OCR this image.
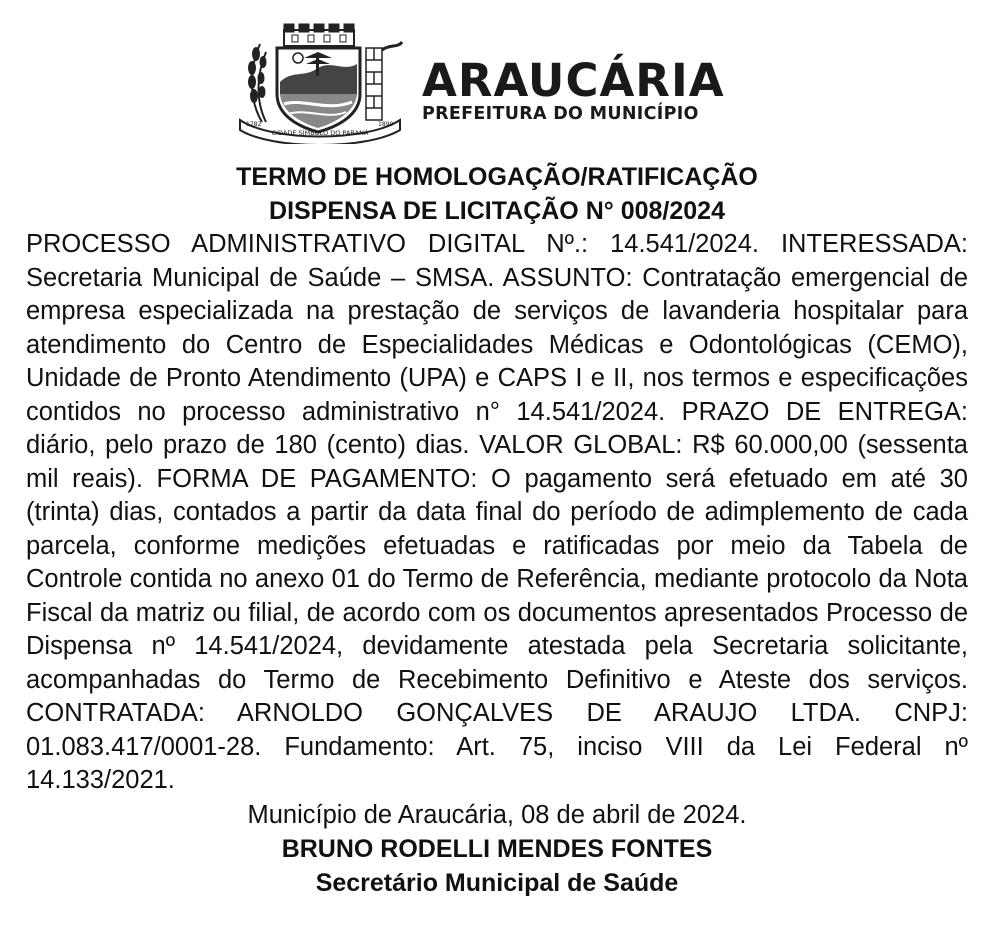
CIDADE SÍMBOLO DO PARANÁ
1782	1890
ARAUCÁRIA
PREFEITURA DO MUNICÍPIO

TERMO DE HOMOLOGAÇÃO/RATIFICAÇÃO

DISPENSA DE LICITAÇÃO N° 008/2024

PROCESSO ADMINISTRATIVO DIGITAL Nº.: 14.541/2024. INTERESSADA: Secretaria Municipal de Saúde – SMSA. ASSUNTO: Contratação emergencial de empresa especializada na prestação de serviços de lavanderia hospitalar para atendimento do Centro de Especialidades Médicas e Odontológicas (CEMO), Unidade de Pronto Atendimento (UPA) e CAPS I e II, nos termos e especificações contidos no processo administrativo n° 14.541/2024. PRAZO DE ENTREGA: diário, pelo prazo de 180 (cento) dias. VALOR GLOBAL: R$ 60.000,00 (sessenta mil reais). FORMA DE PAGAMENTO: O pagamento será efetuado em até 30 (trinta) dias, contados a partir da data final do período de adimplemento de cada parcela, conforme medições efetuadas e ratificadas por meio da Tabela de Controle contida no anexo 01 do Termo de Referência, mediante protocolo da Nota Fiscal da matriz ou filial, de acordo com os documentos apresentados Processo de Dispensa nº 14.541/2024, devidamente atestada pela Secretaria solicitante, acompanhadas do Termo de Recebimento Definitivo e Ateste dos serviços. CONTRATADA: ARNOLDO GONÇALVES DE ARAUJO LTDA. CNPJ: 01.083.417/0001-28. Fundamento: Art. 75, inciso VIII da Lei Federal nº 14.133/2021.

Município de Araucária, 08 de abril de 2024.

BRUNO RODELLI MENDES FONTES

Secretário Municipal de Saúde
